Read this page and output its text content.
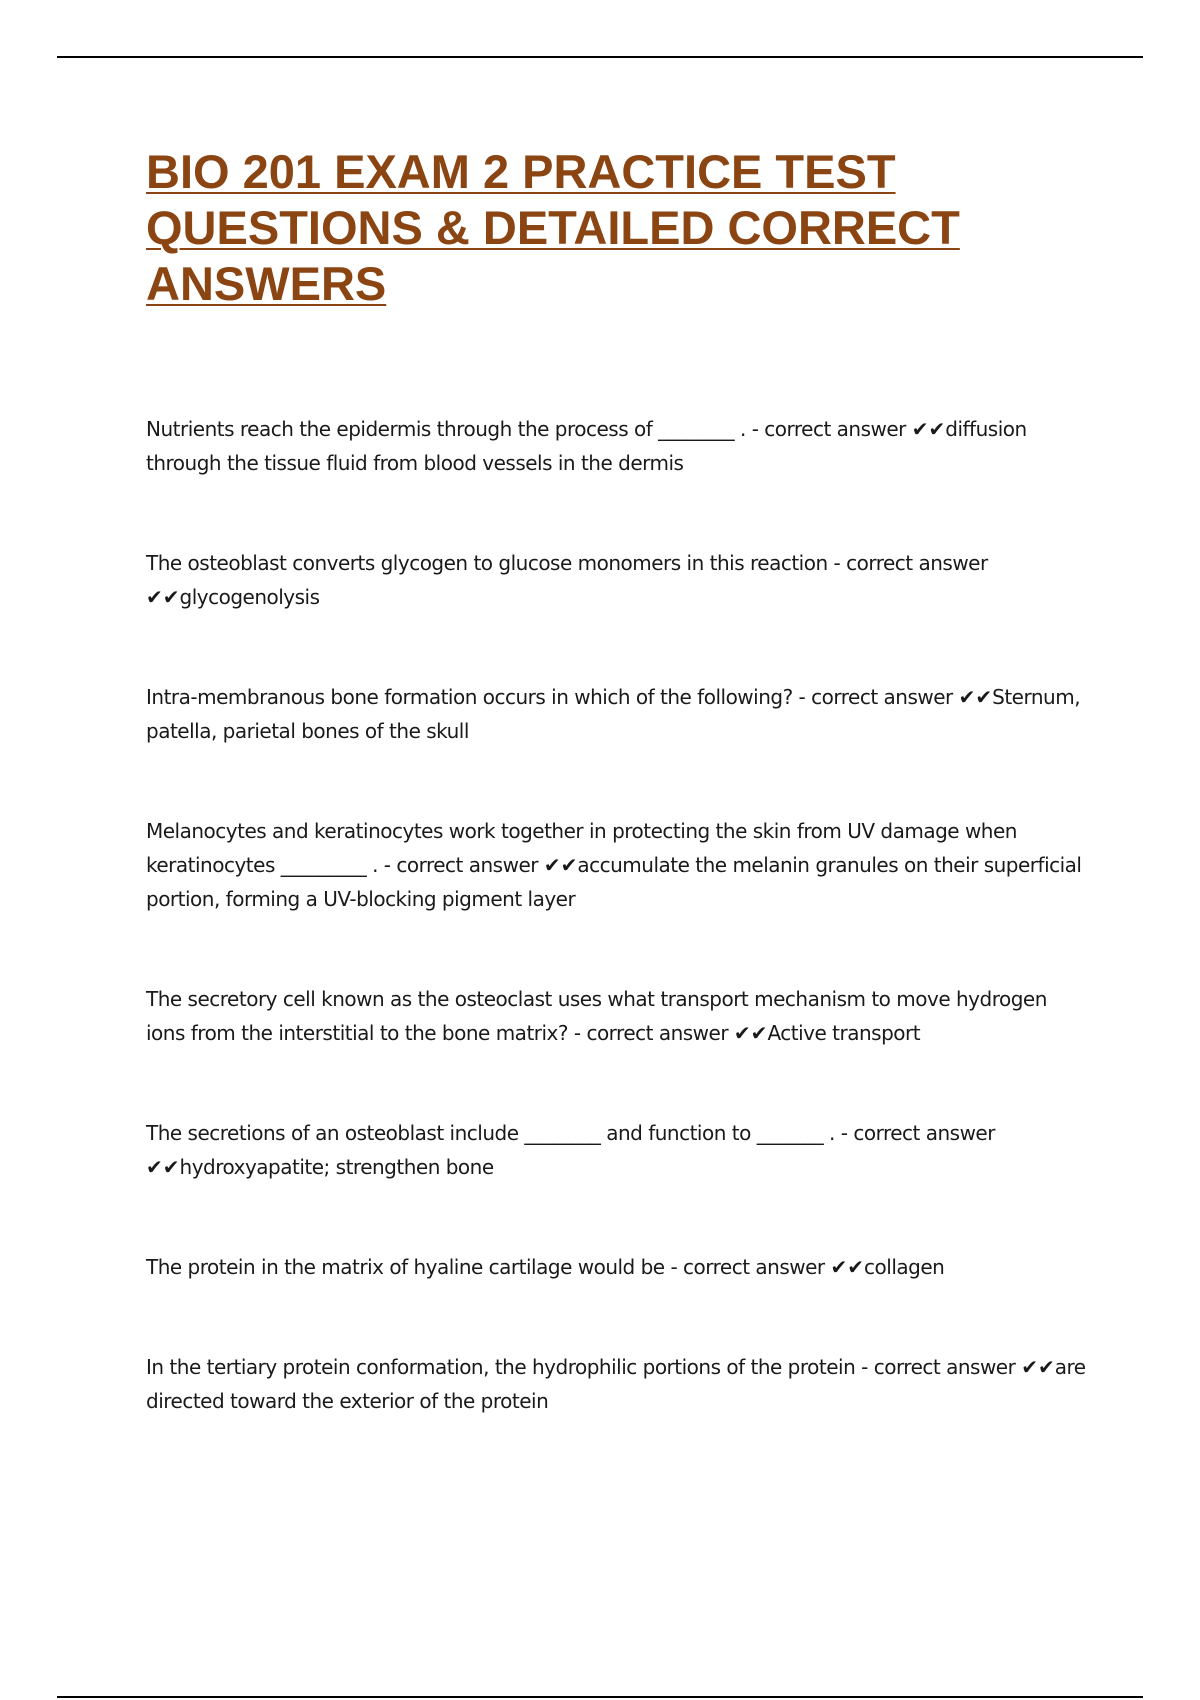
BIO 201 EXAM 2 PRACTICE TEST QUESTIONS & DETAILED CORRECT ANSWERS

Nutrients reach the epidermis through the process of ________ . - correct answer ✔✔diffusion through the tissue fluid from blood vessels in the dermis

The osteoblast converts glycogen to glucose monomers in this reaction - correct answer ✔✔glycogenolysis

Intra-membranous bone formation occurs in which of the following? - correct answer ✔✔Sternum, patella, parietal bones of the skull

Melanocytes and keratinocytes work together in protecting the skin from UV damage when keratinocytes _________ . - correct answer ✔✔accumulate the melanin granules on their superficial portion, forming a UV-blocking pigment layer

The secretory cell known as the osteoclast uses what transport mechanism to move hydrogen ions from the interstitial to the bone matrix? - correct answer ✔✔Active transport

The secretions of an osteoblast include ________ and function to _______ . - correct answer ✔✔hydroxyapatite; strengthen bone

The protein in the matrix of hyaline cartilage would be - correct answer ✔✔collagen

In the tertiary protein conformation, the hydrophilic portions of the protein - correct answer ✔✔are directed toward the exterior of the protein
